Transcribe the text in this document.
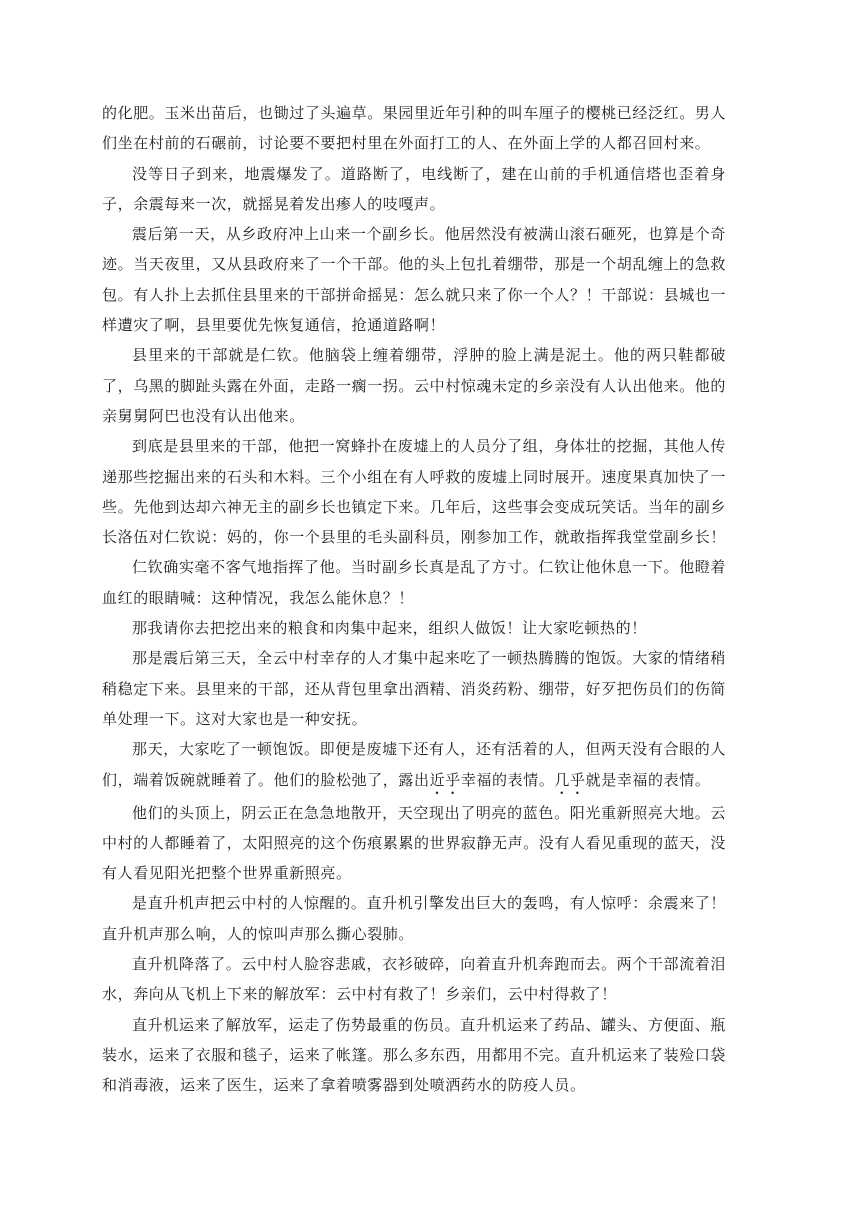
的化肥。玉米出苗后，也锄过了头遍草。果园里近年引种的叫车厘子的樱桃已经泛红。男人们坐在村前的石碾前，讨论要不要把村里在外面打工的人、在外面上学的人都召回村来。

没等日子到来，地震爆发了。道路断了，电线断了，建在山前的手机通信塔也歪着身子，余震每来一次，就摇晃着发出瘆人的吱嘎声。

震后第一天，从乡政府冲上山来一个副乡长。他居然没有被满山滚石砸死，也算是个奇迹。当天夜里，又从县政府来了一个干部。他的头上包扎着绷带，那是一个胡乱缠上的急救包。有人扑上去抓住县里来的干部拼命摇晃：怎么就只来了你一个人？！干部说：县城也一样遭灾了啊，县里要优先恢复通信，抢通道路啊！

县里来的干部就是仁钦。他脑袋上缠着绷带，浮肿的脸上满是泥土。他的两只鞋都破了，乌黑的脚趾头露在外面，走路一瘸一拐。云中村惊魂未定的乡亲没有人认出他来。他的亲舅舅阿巴也没有认出他来。

到底是县里来的干部，他把一窝蜂扑在废墟上的人员分了组，身体壮的挖掘，其他人传递那些挖掘出来的石头和木料。三个小组在有人呼救的废墟上同时展开。速度果真加快了一些。先他到达却六神无主的副乡长也镇定下来。几年后，这些事会变成玩笑话。当年的副乡长洛伍对仁钦说：妈的，你一个县里的毛头副科员，刚参加工作，就敢指挥我堂堂副乡长！

仁钦确实毫不客气地指挥了他。当时副乡长真是乱了方寸。仁钦让他休息一下。他瞪着血红的眼睛喊：这种情况，我怎么能休息？！

那我请你去把挖出来的粮食和肉集中起来，组织人做饭！让大家吃顿热的！

那是震后第三天，全云中村幸存的人才集中起来吃了一顿热腾腾的饱饭。大家的情绪稍稍稳定下来。县里来的干部，还从背包里拿出酒精、消炎药粉、绷带，好歹把伤员们的伤简单处理一下。这对大家也是一种安抚。

那天，大家吃了一顿饱饭。即便是废墟下还有人，还有活着的人，但两天没有合眼的人们，端着饭碗就睡着了。他们的脸松弛了，露出近乎幸福的表情。几乎就是幸福的表情。

他们的头顶上，阴云正在急急地散开，天空现出了明亮的蓝色。阳光重新照亮大地。云中村的人都睡着了，太阳照亮的这个伤痕累累的世界寂静无声。没有人看见重现的蓝天，没有人看见阳光把整个世界重新照亮。

是直升机声把云中村的人惊醒的。直升机引擎发出巨大的轰鸣，有人惊呼：余震来了！直升机声那么响，人的惊叫声那么撕心裂肺。

直升机降落了。云中村人脸容悲戚，衣衫破碎，向着直升机奔跑而去。两个干部流着泪水，奔向从飞机上下来的解放军：云中村有救了！乡亲们，云中村得救了！

直升机运来了解放军，运走了伤势最重的伤员。直升机运来了药品、罐头、方便面、瓶装水，运来了衣服和毯子，运来了帐篷。那么多东西，用都用不完。直升机运来了装殓口袋和消毒液，运来了医生，运来了拿着喷雾器到处喷洒药水的防疫人员。
